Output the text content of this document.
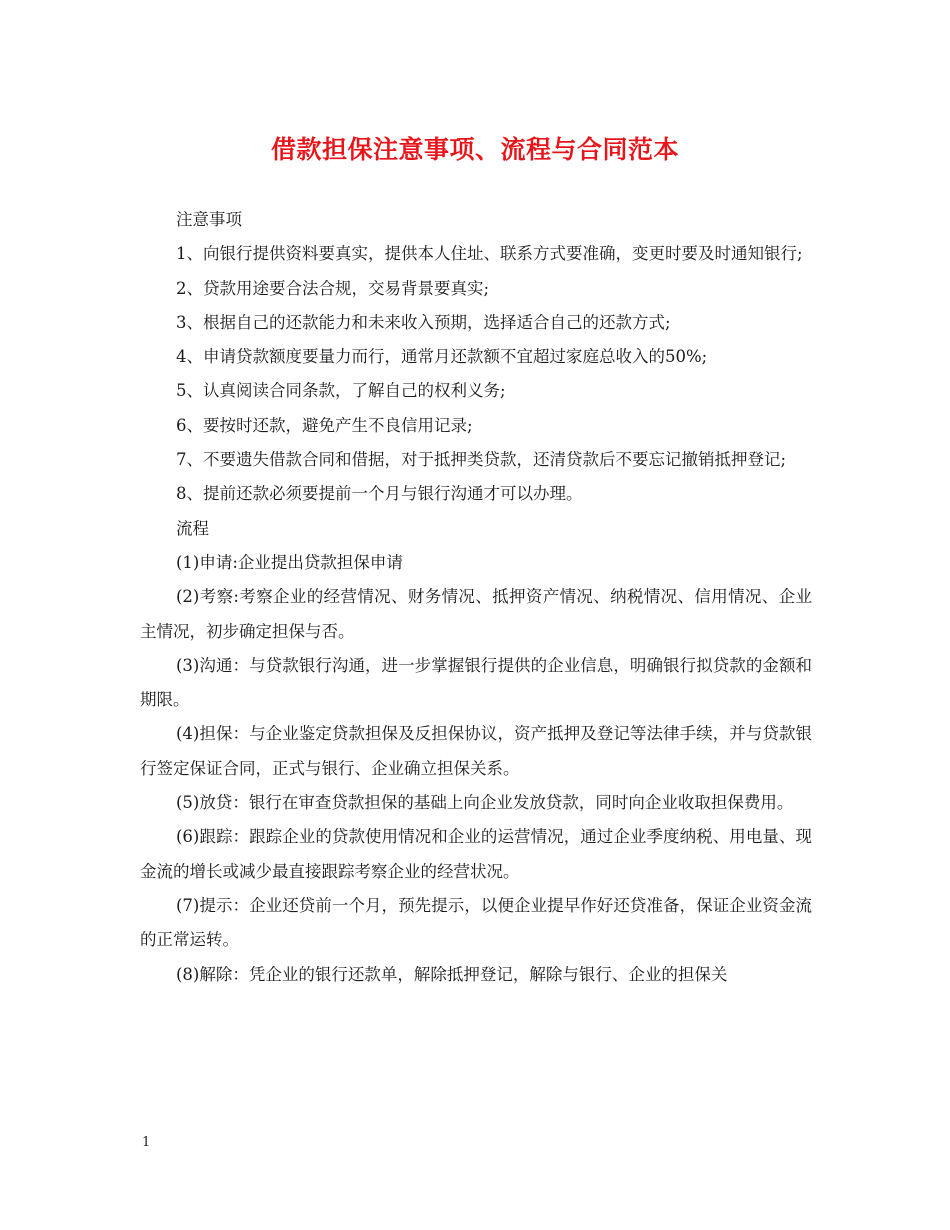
借款担保注意事项、流程与合同范本

注意事项

1、向银行提供资料要真实，提供本人住址、联系方式要准确，变更时要及时通知银行;

2、贷款用途要合法合规，交易背景要真实;

3、根据自己的还款能力和未来收入预期，选择适合自己的还款方式;

4、申请贷款额度要量力而行，通常月还款额不宜超过家庭总收入的50%;

5、认真阅读合同条款，了解自己的权利义务;

6、要按时还款，避免产生不良信用记录;

7、不要遗失借款合同和借据，对于抵押类贷款，还清贷款后不要忘记撤销抵押登记;

8、提前还款必须要提前一个月与银行沟通才可以办理。

流程

(1)申请:企业提出贷款担保申请

(2)考察:考察企业的经营情况、财务情况、抵押资产情况、纳税情况、信用情况、企业主情况，初步确定担保与否。

(3)沟通：与贷款银行沟通，进一步掌握银行提供的企业信息，明确银行拟贷款的金额和期限。

(4)担保：与企业鉴定贷款担保及反担保协议，资产抵押及登记等法律手续，并与贷款银行签定保证合同，正式与银行、企业确立担保关系。

(5)放贷：银行在审查贷款担保的基础上向企业发放贷款，同时向企业收取担保费用。

(6)跟踪：跟踪企业的贷款使用情况和企业的运营情况，通过企业季度纳税、用电量、现金流的增长或减少最直接跟踪考察企业的经营状况。

(7)提示：企业还贷前一个月，预先提示，以便企业提早作好还贷准备，保证企业资金流的正常运转。

(8)解除：凭企业的银行还款单，解除抵押登记，解除与银行、企业的担保关

1
